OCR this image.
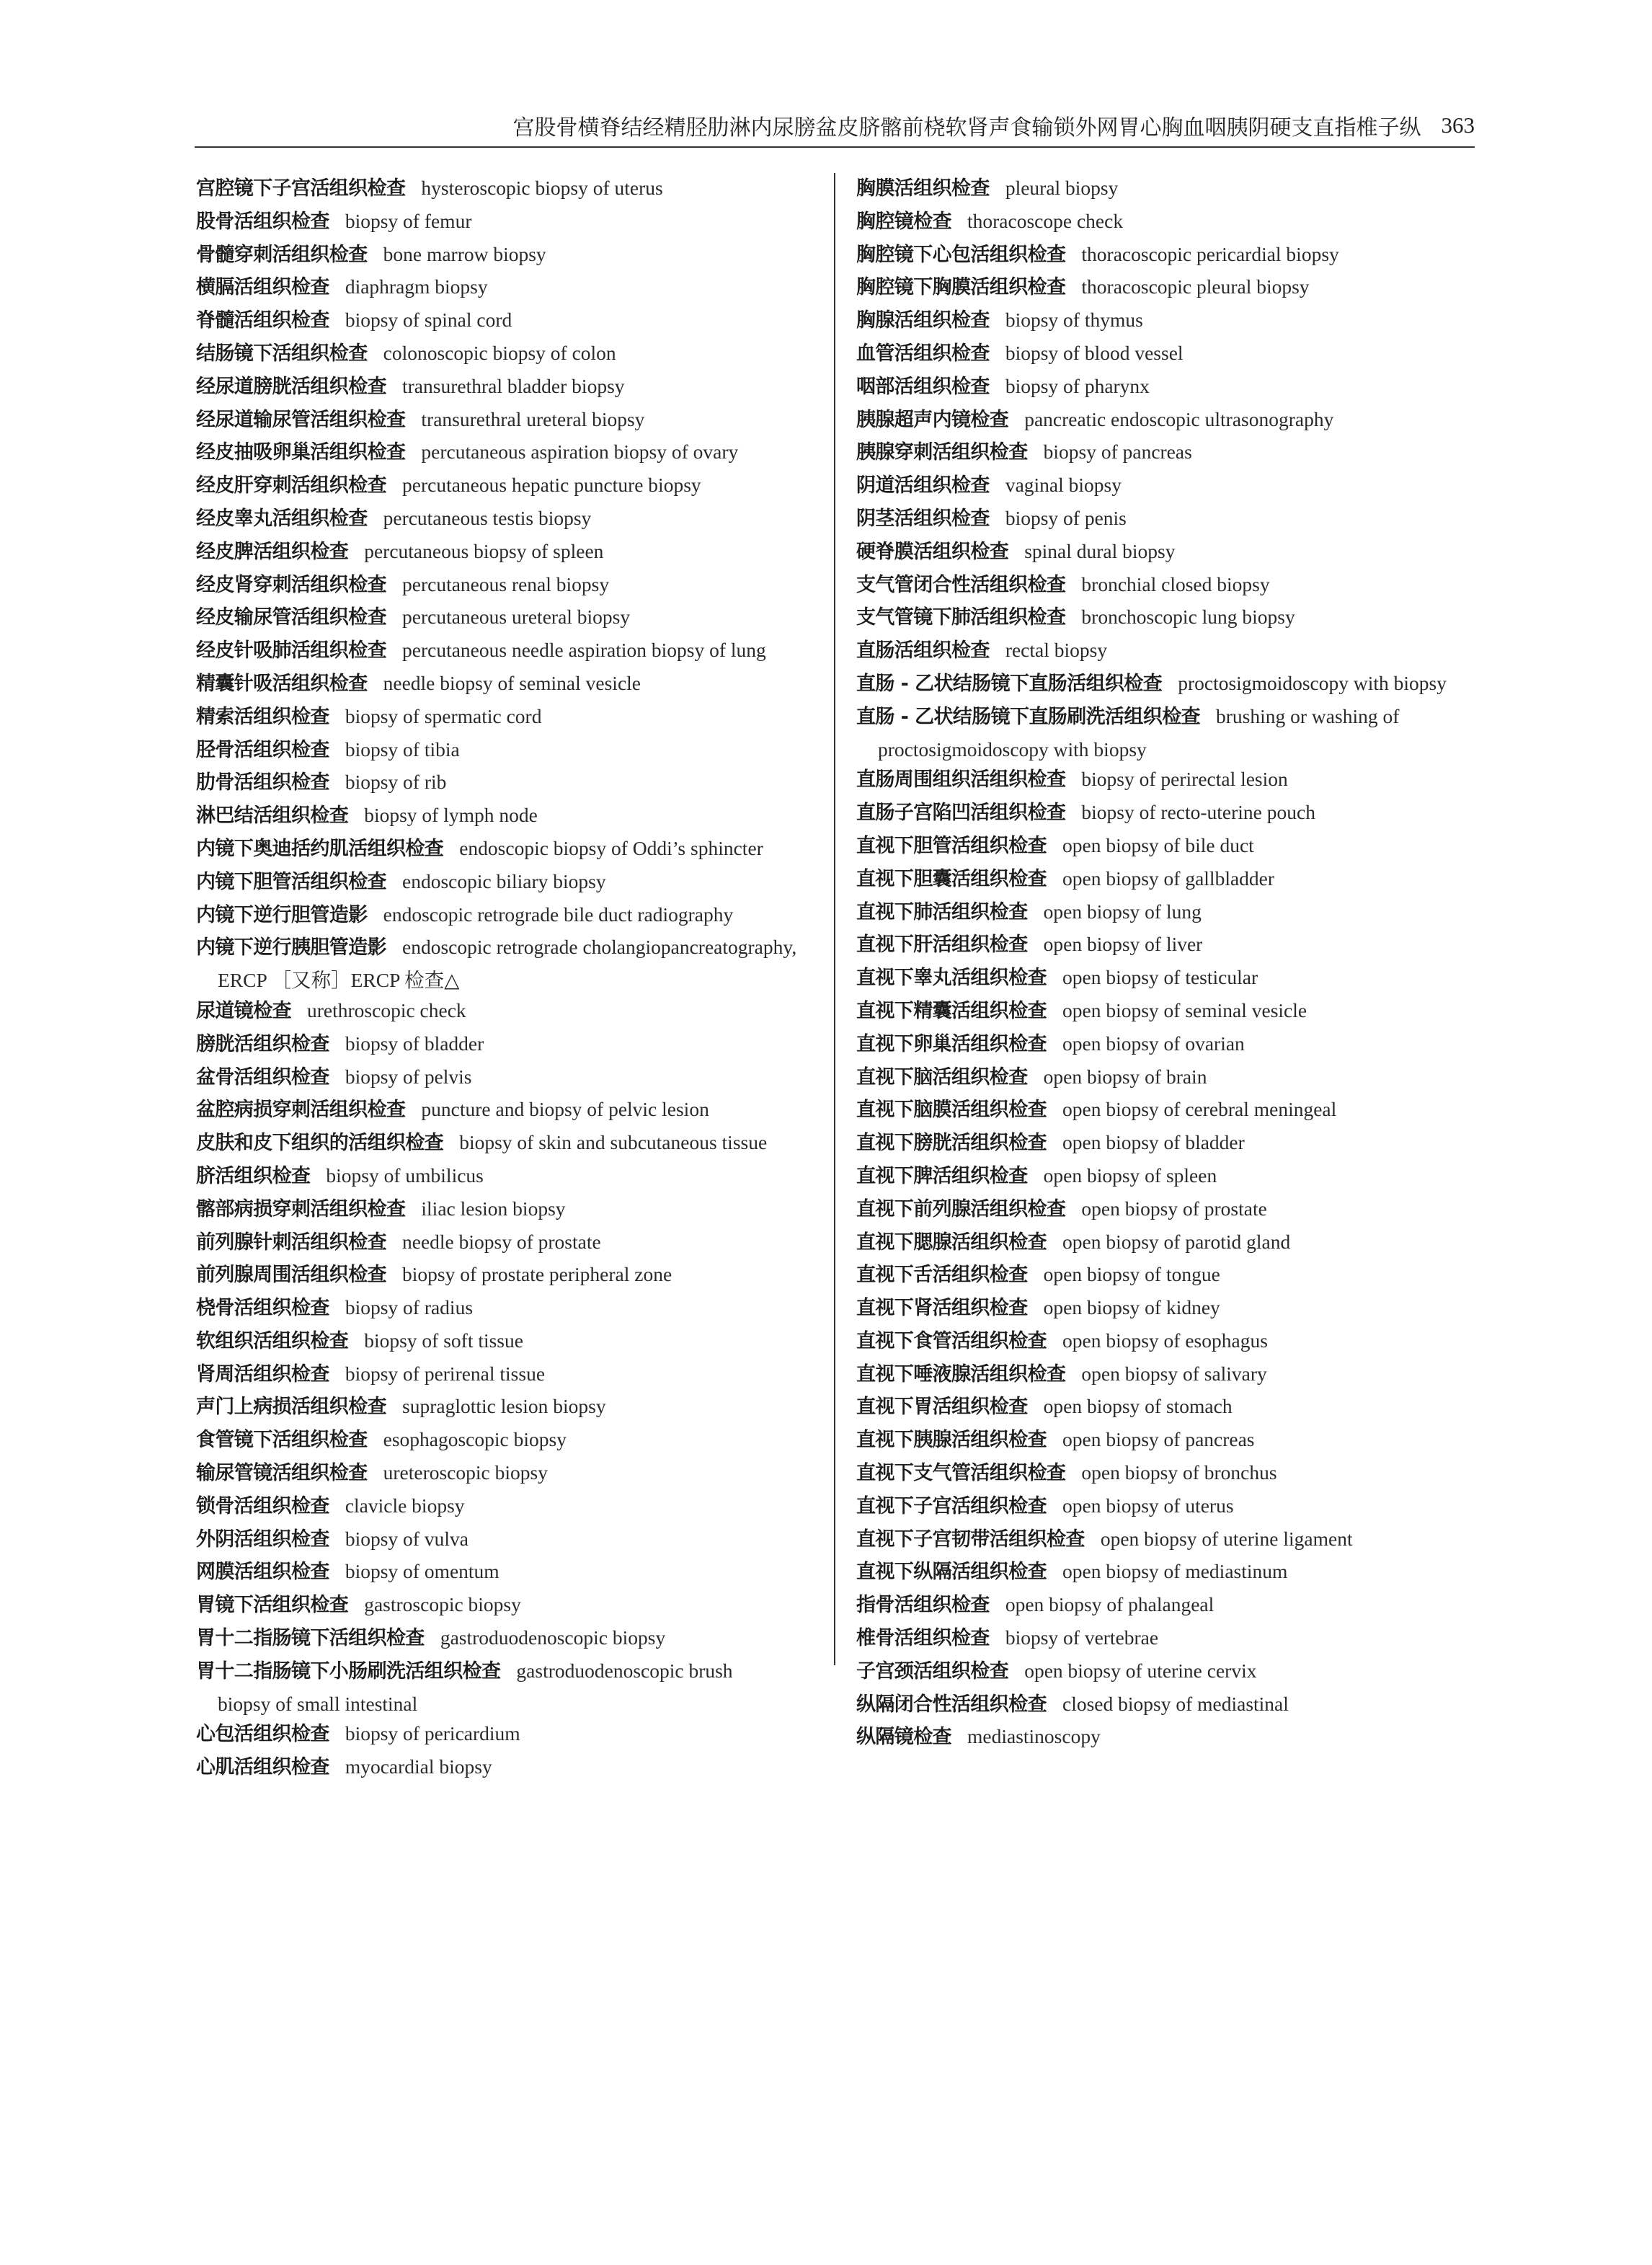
宫股骨横脊结经精胫肋淋内尿膀盆皮脐髂前桡软肾声食输锁外网胃心胸血咽胰阴硬支直指椎子纵 363
宫腔镜下子宫活组织检查 hysteroscopic biopsy of uterus
股骨活组织检查 biopsy of femur
骨髓穿刺活组织检查 bone marrow biopsy
横膈活组织检查 diaphragm biopsy
脊髓活组织检查 biopsy of spinal cord
结肠镜下活组织检查 colonoscopic biopsy of colon
经尿道膀胱活组织检查 transurethral bladder biopsy
经尿道输尿管活组织检查 transurethral ureteral biopsy
经皮抽吸卵巢活组织检查 percutaneous aspiration biopsy of ovary
经皮肝穿刺活组织检查 percutaneous hepatic puncture biopsy
经皮睾丸活组织检查 percutaneous testis biopsy
经皮脾活组织检查 percutaneous biopsy of spleen
经皮肾穿刺活组织检查 percutaneous renal biopsy
经皮输尿管活组织检查 percutaneous ureteral biopsy
经皮针吸肺活组织检查 percutaneous needle aspiration biopsy of lung
精囊针吸活组织检查 needle biopsy of seminal vesicle
精索活组织检查 biopsy of spermatic cord
胫骨活组织检查 biopsy of tibia
肋骨活组织检查 biopsy of rib
淋巴结活组织检查 biopsy of lymph node
内镜下奥迪括约肌活组织检查 endoscopic biopsy of Oddi’s sphincter
内镜下胆管活组织检查 endoscopic biliary biopsy
内镜下逆行胆管造影 endoscopic retrograde bile duct radiography
内镜下逆行胰胆管造影 endoscopic retrograde cholangiopancreatography,
ERCP ［又称］ERCP 检查△
尿道镜检查 urethroscopic check
膀胱活组织检查 biopsy of bladder
盆骨活组织检查 biopsy of pelvis
盆腔病损穿刺活组织检查 puncture and biopsy of pelvic lesion
皮肤和皮下组织的活组织检查 biopsy of skin and subcutaneous tissue
脐活组织检查 biopsy of umbilicus
髂部病损穿刺活组织检查 iliac lesion biopsy
前列腺针刺活组织检查 needle biopsy of prostate
前列腺周围活组织检查 biopsy of prostate peripheral zone
桡骨活组织检查 biopsy of radius
软组织活组织检查 biopsy of soft tissue
肾周活组织检查 biopsy of perirenal tissue
声门上病损活组织检查 supraglottic lesion biopsy
食管镜下活组织检查 esophagoscopic biopsy
输尿管镜活组织检查 ureteroscopic biopsy
锁骨活组织检查 clavicle biopsy
外阴活组织检查 biopsy of vulva
网膜活组织检查 biopsy of omentum
胃镜下活组织检查 gastroscopic biopsy
胃十二指肠镜下活组织检查 gastroduodenoscopic biopsy
胃十二指肠镜下小肠刷洗活组织检查 gastroduodenoscopic brush
biopsy of small intestinal
心包活组织检查 biopsy of pericardium
心肌活组织检查 myocardial biopsy
胸膜活组织检查 pleural biopsy
胸腔镜检查 thoracoscope check
胸腔镜下心包活组织检查 thoracoscopic pericardial biopsy
胸腔镜下胸膜活组织检查 thoracoscopic pleural biopsy
胸腺活组织检查 biopsy of thymus
血管活组织检查 biopsy of blood vessel
咽部活组织检查 biopsy of pharynx
胰腺超声内镜检查 pancreatic endoscopic ultrasonography
胰腺穿刺活组织检查 biopsy of pancreas
阴道活组织检查 vaginal biopsy
阴茎活组织检查 biopsy of penis
硬脊膜活组织检查 spinal dural biopsy
支气管闭合性活组织检查 bronchial closed biopsy
支气管镜下肺活组织检查 bronchoscopic lung biopsy
直肠活组织检查 rectal biopsy
直肠 - 乙状结肠镜下直肠活组织检查 proctosigmoidoscopy with biopsy
直肠 - 乙状结肠镜下直肠刷洗活组织检查 brushing or washing of
proctosigmoidoscopy with biopsy
直肠周围组织活组织检查 biopsy of perirectal lesion
直肠子宫陷凹活组织检查 biopsy of recto-uterine pouch
直视下胆管活组织检查 open biopsy of bile duct
直视下胆囊活组织检查 open biopsy of gallbladder
直视下肺活组织检查 open biopsy of lung
直视下肝活组织检查 open biopsy of liver
直视下睾丸活组织检查 open biopsy of testicular
直视下精囊活组织检查 open biopsy of seminal vesicle
直视下卵巢活组织检查 open biopsy of ovarian
直视下脑活组织检查 open biopsy of brain
直视下脑膜活组织检查 open biopsy of cerebral meningeal
直视下膀胱活组织检查 open biopsy of bladder
直视下脾活组织检查 open biopsy of spleen
直视下前列腺活组织检查 open biopsy of prostate
直视下腮腺活组织检查 open biopsy of parotid gland
直视下舌活组织检查 open biopsy of tongue
直视下肾活组织检查 open biopsy of kidney
直视下食管活组织检查 open biopsy of esophagus
直视下唾液腺活组织检查 open biopsy of salivary
直视下胃活组织检查 open biopsy of stomach
直视下胰腺活组织检查 open biopsy of pancreas
直视下支气管活组织检查 open biopsy of bronchus
直视下子宫活组织检查 open biopsy of uterus
直视下子宫韧带活组织检查 open biopsy of uterine ligament
直视下纵隔活组织检查 open biopsy of mediastinum
指骨活组织检查 open biopsy of phalangeal
椎骨活组织检查 biopsy of vertebrae
子宫颈活组织检查 open biopsy of uterine cervix
纵隔闭合性活组织检查 closed biopsy of mediastinal
纵隔镜检查 mediastinoscopy
